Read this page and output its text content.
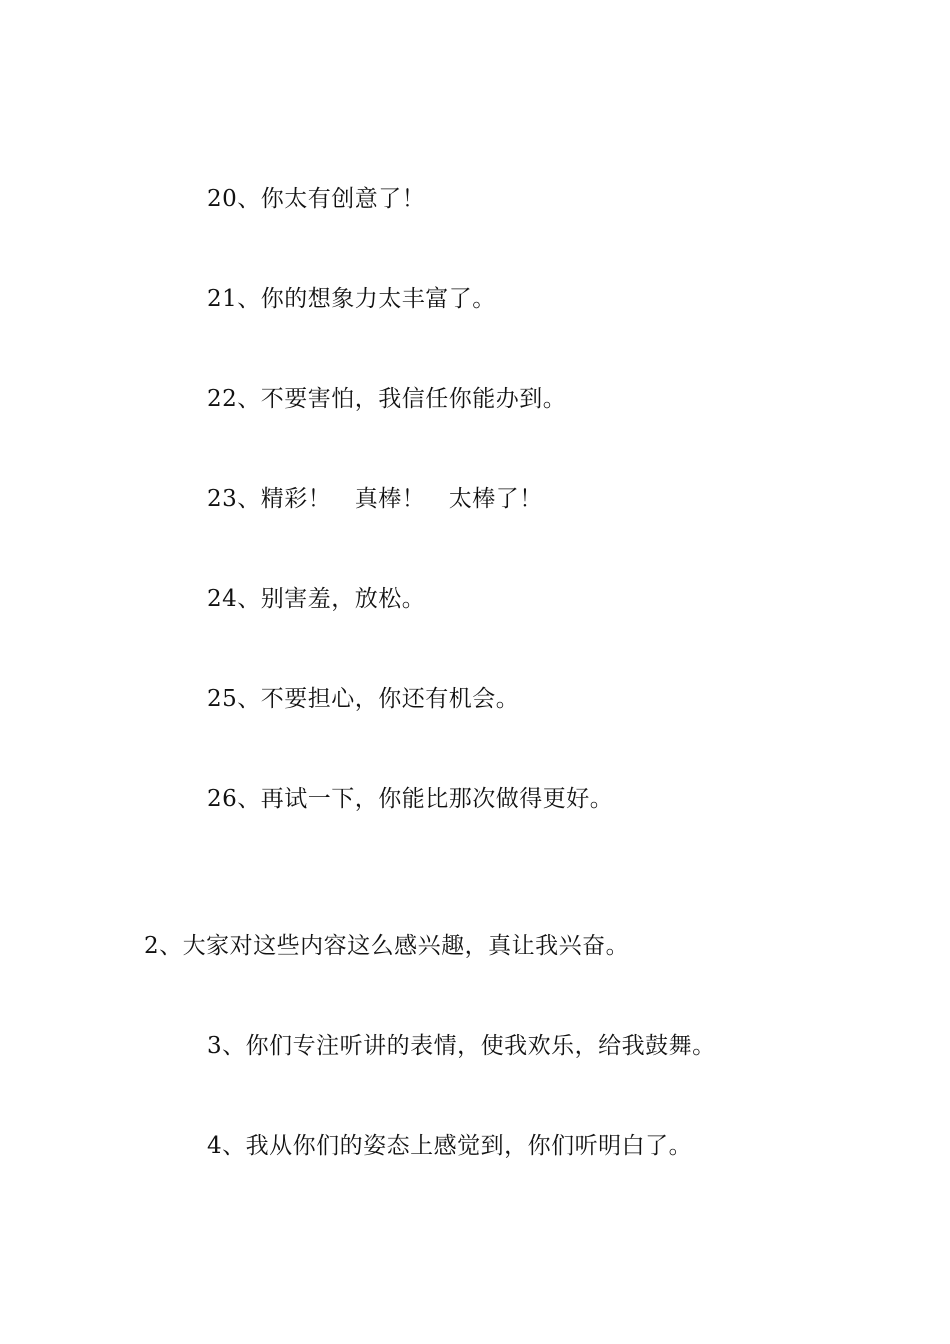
20、你太有创意了！
21、你的想象力太丰富了。
22、不要害怕，我信任你能办到。
23、精彩！　真棒！　太棒了！
24、别害羞，放松。
25、不要担心，你还有机会。
26、再试一下，你能比那次做得更好。
2、大家对这些内容这么感兴趣，真让我兴奋。
3、你们专注听讲的表情，使我欢乐，给我鼓舞。
4、我从你们的姿态上感觉到，你们听明白了。
